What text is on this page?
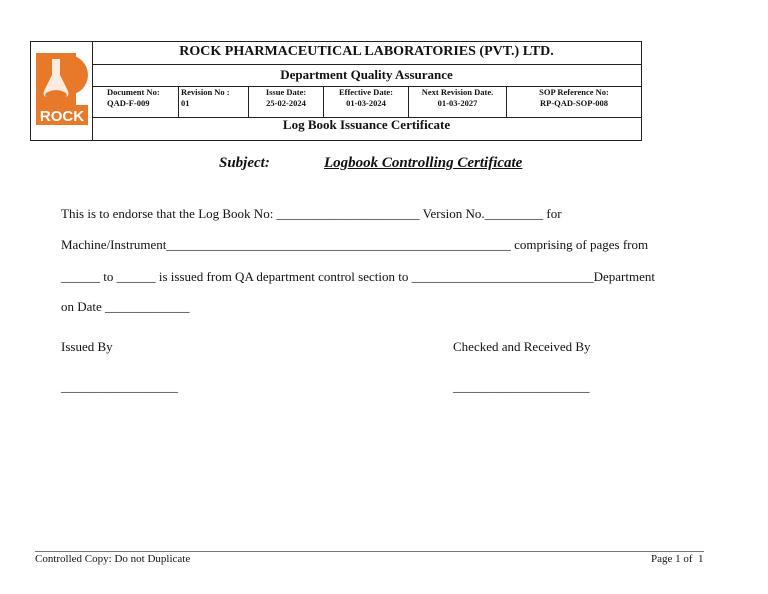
ROCK
ROCK PHARMACEUTICAL LABORATORIES (PVT.) LTD.
Department Quality Assurance
Document No:
QAD-F-009
Revision No :
01
Issue Date:
25-02-2024
Effective Date:
01-03-2024
Next Revision Date.
01-03-2027
SOP Reference No:
RP-QAD-SOP-008
Log Book Issuance Certificate
Subject:	Logbook Controlling Certificate
This is to endorse that the Log Book No: ______________________ Version No._________ for
Machine/Instrument_____________________________________________________ comprising of pages from
______ to ______ is issued from QA department control section to ____________________________Department
on Date _____________
Issued By
__________________
Checked and Received By
_____________________
Controlled Copy: Do not Duplicate	Page 1 of  1
